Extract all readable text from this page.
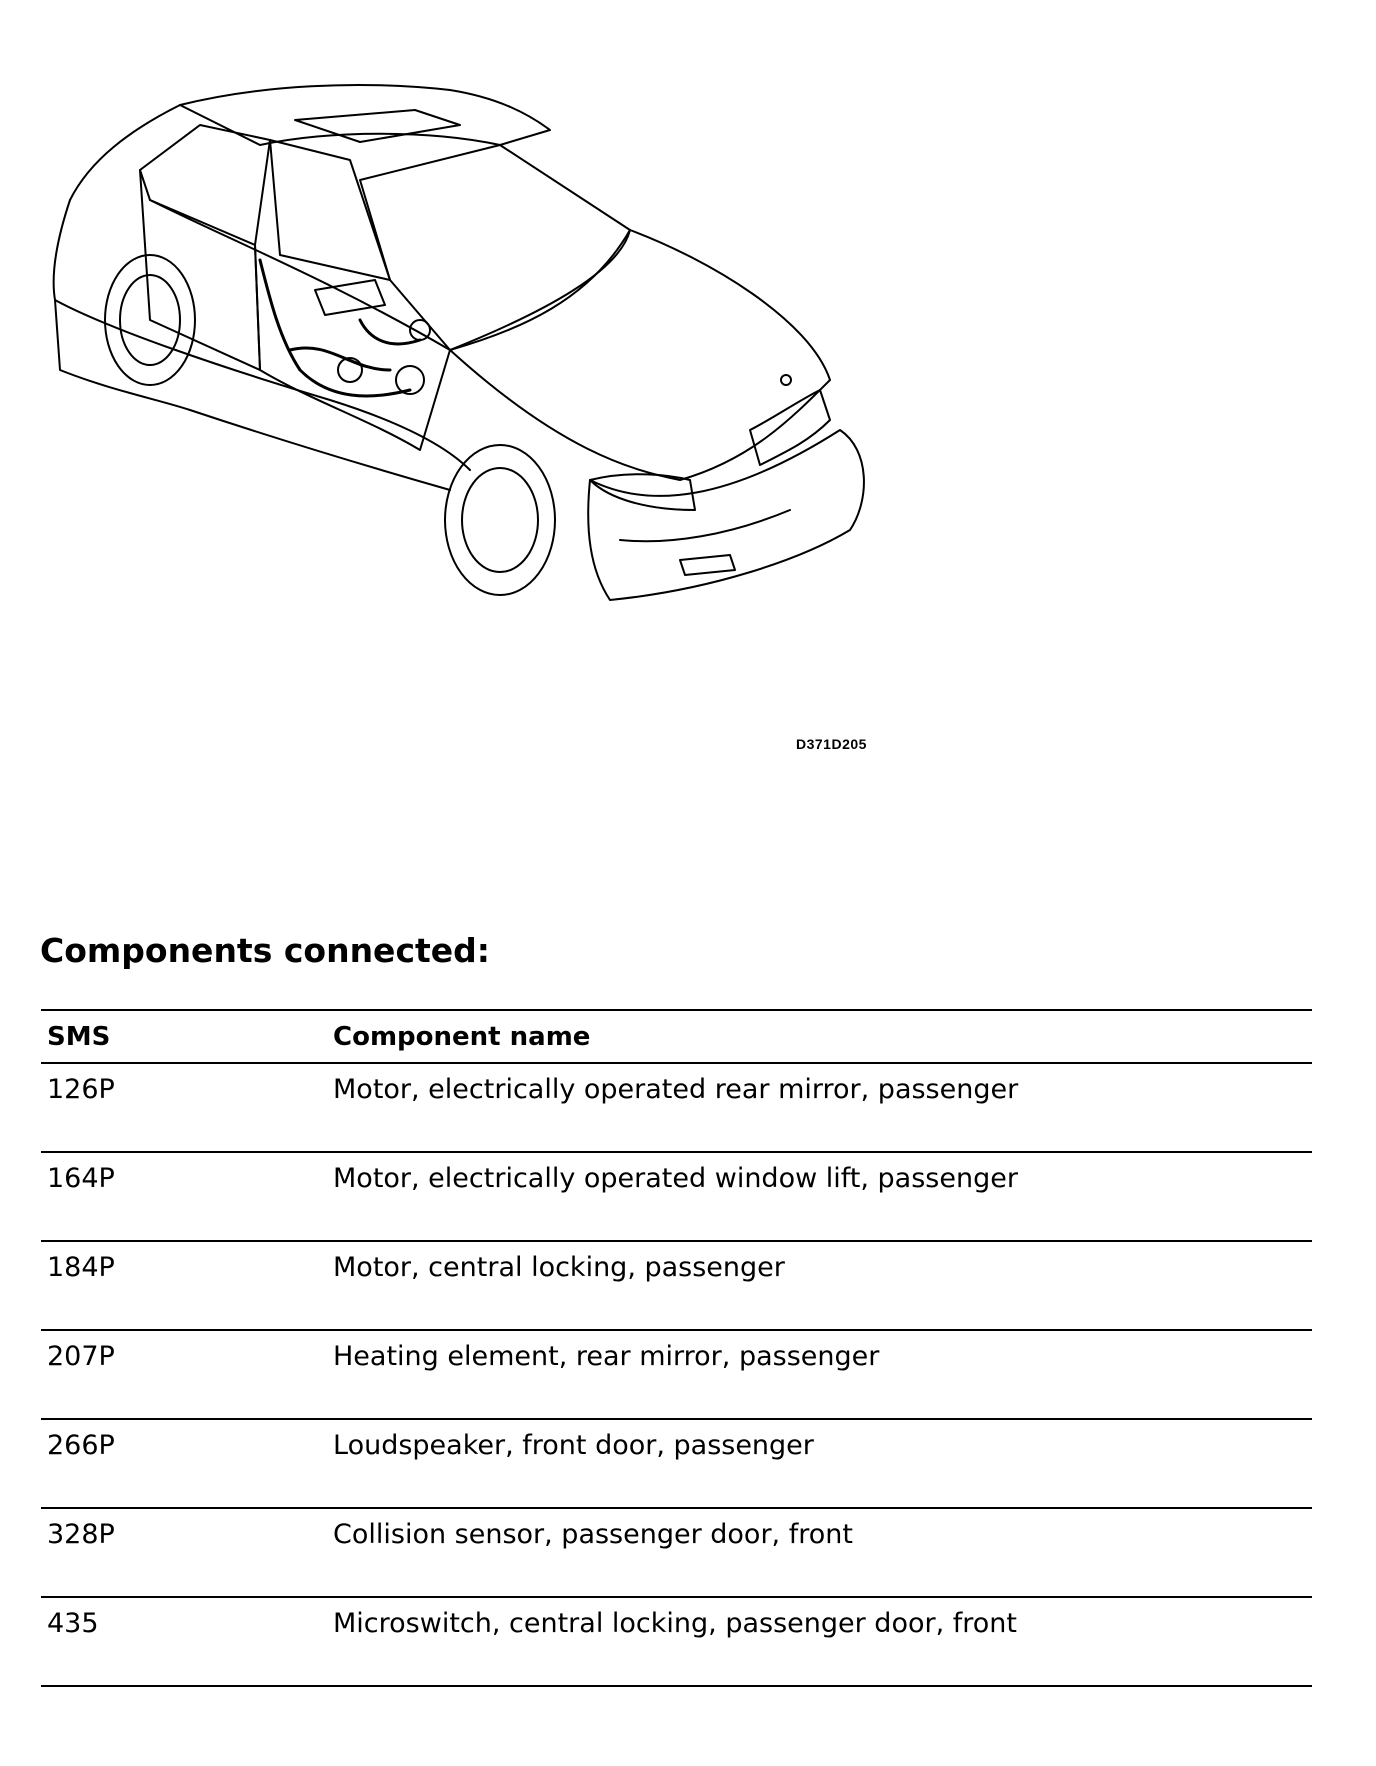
D371D205
Components connected:
SMS	Component name
126P	Motor, electrically operated rear mirror, passenger
164P	Motor, electrically operated window lift, passenger
184P	Motor, central locking, passenger
207P	Heating element, rear mirror, passenger
266P	Loudspeaker, front door, passenger
328P	Collision sensor, passenger door, front
435	Microswitch, central locking, passenger door, front
